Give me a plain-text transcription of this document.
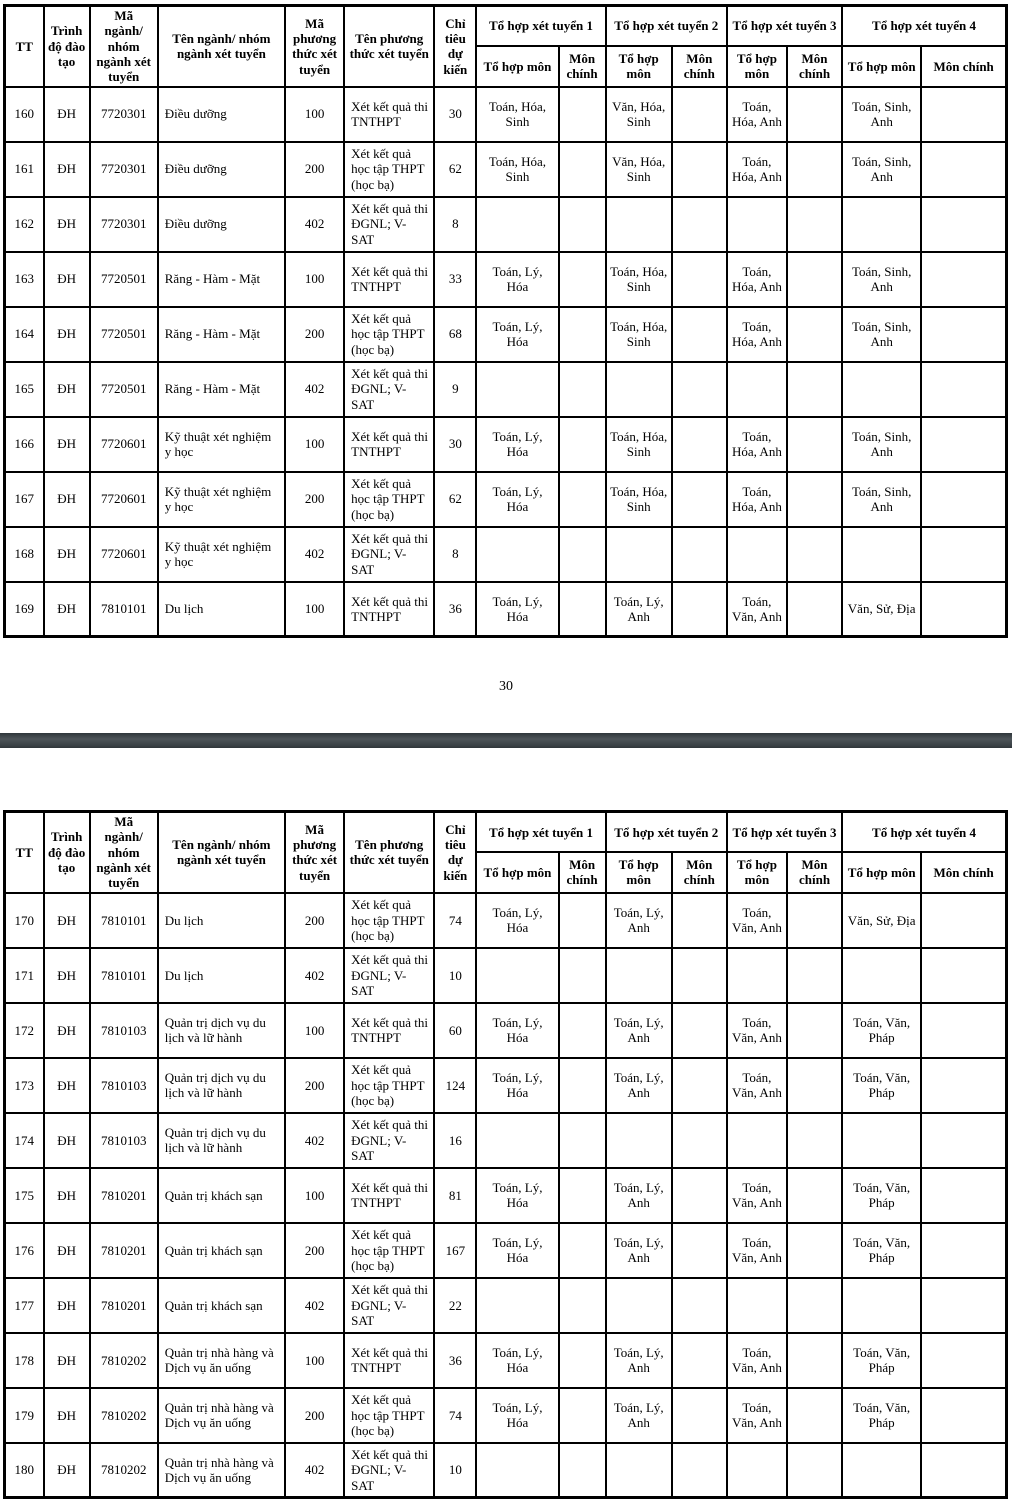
TT	Trình độ đào tạo	Mã ngành/ nhóm ngành xét tuyển	Tên ngành/ nhóm ngành xét tuyển	Mã phương thức xét tuyển	Tên phương thức xét tuyển	Chỉ tiêu dự kiến	Tổ hợp xét tuyển 1		Tổ hợp xét tuyển 2		Tổ hợp xét tuyển 3		Tổ hợp xét tuyển 4	
							Tổ hợp môn	Môn chính	Tổ hợp môn	Môn chính	Tổ hợp môn	Môn chính	Tổ hợp môn	Môn chính
160	ĐH	7720301	Điều dưỡng	100	Xét kết quả thi TNTHPT	30	Toán, Hóa, Sinh		Văn, Hóa, Sinh		Toán, Hóa, Anh		Toán, Sinh, Anh	
161	ĐH	7720301	Điều dưỡng	200	Xét kết quả học tập THPT (học bạ)	62	Toán, Hóa, Sinh		Văn, Hóa, Sinh		Toán, Hóa, Anh		Toán, Sinh, Anh	
162	ĐH	7720301	Điều dưỡng	402	Xét kết quả thi ĐGNL; V-SAT	8								
163	ĐH	7720501	Răng - Hàm - Mặt	100	Xét kết quả thi TNTHPT	33	Toán, Lý, Hóa		Toán, Hóa, Sinh		Toán, Hóa, Anh		Toán, Sinh, Anh	
164	ĐH	7720501	Răng - Hàm - Mặt	200	Xét kết quả học tập THPT (học bạ)	68	Toán, Lý, Hóa		Toán, Hóa, Sinh		Toán, Hóa, Anh		Toán, Sinh, Anh	
165	ĐH	7720501	Răng - Hàm - Mặt	402	Xét kết quả thi ĐGNL; V-SAT	9								
166	ĐH	7720601	Kỹ thuật xét nghiệm y học	100	Xét kết quả thi TNTHPT	30	Toán, Lý, Hóa		Toán, Hóa, Sinh		Toán, Hóa, Anh		Toán, Sinh, Anh	
167	ĐH	7720601	Kỹ thuật xét nghiệm y học	200	Xét kết quả học tập THPT (học bạ)	62	Toán, Lý, Hóa		Toán, Hóa, Sinh		Toán, Hóa, Anh		Toán, Sinh, Anh	
168	ĐH	7720601	Kỹ thuật xét nghiệm y học	402	Xét kết quả thi ĐGNL; V-SAT	8								
169	ĐH	7810101	Du lịch	100	Xét kết quả thi TNTHPT	36	Toán, Lý, Hóa		Toán, Lý, Anh		Toán, Văn, Anh		Văn, Sử, Địa	
30
TT	Trình độ đào tạo	Mã ngành/ nhóm ngành xét tuyển	Tên ngành/ nhóm ngành xét tuyển	Mã phương thức xét tuyển	Tên phương thức xét tuyển	Chỉ tiêu dự kiến	Tổ hợp xét tuyển 1		Tổ hợp xét tuyển 2		Tổ hợp xét tuyển 3		Tổ hợp xét tuyển 4	
							Tổ hợp môn	Môn chính	Tổ hợp môn	Môn chính	Tổ hợp môn	Môn chính	Tổ hợp môn	Môn chính
170	ĐH	7810101	Du lịch	200	Xét kết quả học tập THPT (học bạ)	74	Toán, Lý, Hóa		Toán, Lý, Anh		Toán, Văn, Anh		Văn, Sử, Địa	
171	ĐH	7810101	Du lịch	402	Xét kết quả thi ĐGNL; V-SAT	10								
172	ĐH	7810103	Quản trị dịch vụ du lịch và lữ hành	100	Xét kết quả thi TNTHPT	60	Toán, Lý, Hóa		Toán, Lý, Anh		Toán, Văn, Anh		Toán, Văn, Pháp	
173	ĐH	7810103	Quản trị dịch vụ du lịch và lữ hành	200	Xét kết quả học tập THPT (học bạ)	124	Toán, Lý, Hóa		Toán, Lý, Anh		Toán, Văn, Anh		Toán, Văn, Pháp	
174	ĐH	7810103	Quản trị dịch vụ du lịch và lữ hành	402	Xét kết quả thi ĐGNL; V-SAT	16								
175	ĐH	7810201	Quản trị khách sạn	100	Xét kết quả thi TNTHPT	81	Toán, Lý, Hóa		Toán, Lý, Anh		Toán, Văn, Anh		Toán, Văn, Pháp	
176	ĐH	7810201	Quản trị khách sạn	200	Xét kết quả học tập THPT (học bạ)	167	Toán, Lý, Hóa		Toán, Lý, Anh		Toán, Văn, Anh		Toán, Văn, Pháp	
177	ĐH	7810201	Quản trị khách sạn	402	Xét kết quả thi ĐGNL; V-SAT	22								
178	ĐH	7810202	Quản trị nhà hàng và Dịch vụ ăn uống	100	Xét kết quả thi TNTHPT	36	Toán, Lý, Hóa		Toán, Lý, Anh		Toán, Văn, Anh		Toán, Văn, Pháp	
179	ĐH	7810202	Quản trị nhà hàng và Dịch vụ ăn uống	200	Xét kết quả học tập THPT (học bạ)	74	Toán, Lý, Hóa		Toán, Lý, Anh		Toán, Văn, Anh		Toán, Văn, Pháp	
180	ĐH	7810202	Quản trị nhà hàng và Dịch vụ ăn uống	402	Xét kết quả thi ĐGNL; V-SAT	10								
